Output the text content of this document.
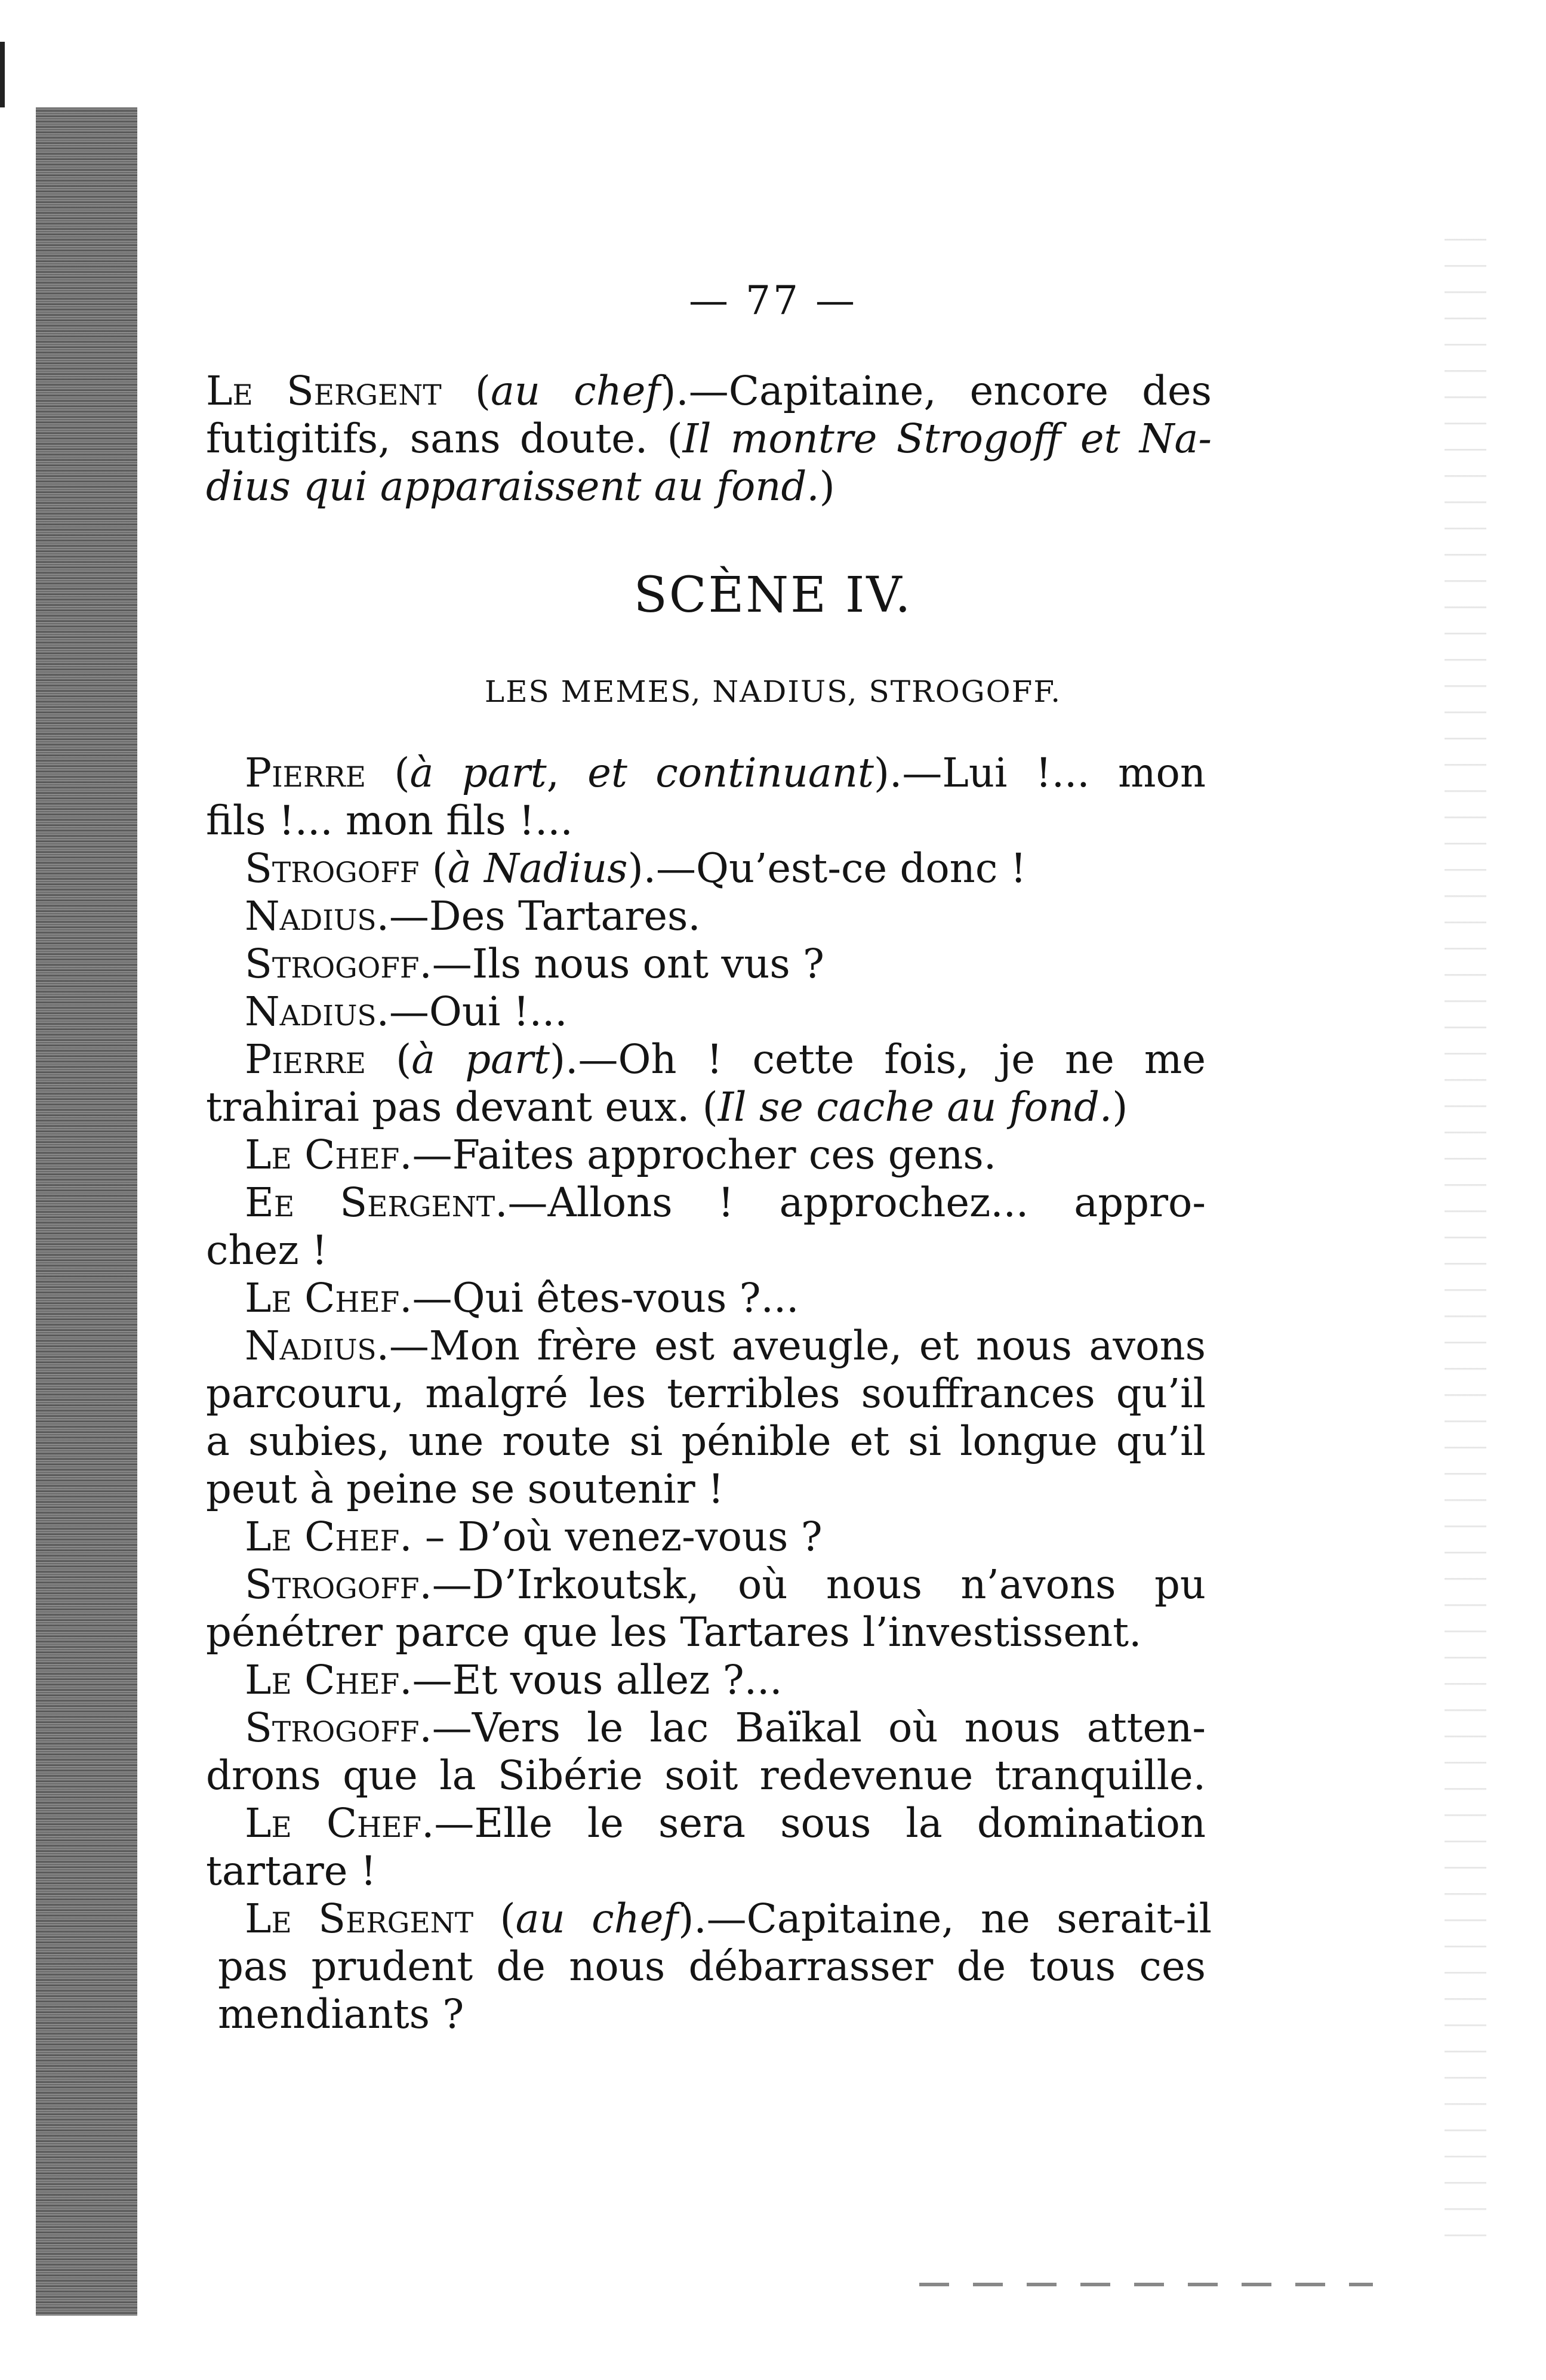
— 77 —
SCÈNE IV.
LES MEMES, NADIUS, STROGOFF.
Le Sergent (au chef).—Capitaine, encore des
futigitifs, sans doute. (Il montre Strogoff et Na-
dius qui apparaissent au fond.)
Pierre (à part, et continuant).—Lui !... mon
fils !... mon fils !...
Strogoff (à Nadius).—Qu’est-ce donc !
Nadius.—Des Tartares.
Strogoff.—Ils nous ont vus ?
Nadius.—Oui !...
Pierre (à part).—Oh ! cette fois, je ne me
trahirai pas devant eux. (Il se cache au fond.)
Le Chef.—Faites approcher ces gens.
Ee Sergent.—Allons ! approchez... appro-
chez !
Le Chef.—Qui êtes-vous ?...
Nadius.—Mon frère est aveugle, et nous avons
parcouru, malgré les terribles souffrances qu’il
a subies, une route si pénible et si longue qu’il
peut à peine se soutenir !
Le Chef. – D’où venez-vous ?
Strogoff.—D’Irkoutsk, où nous n’avons pu
pénétrer parce que les Tartares l’investissent.
Le Chef.—Et vous allez ?...
Strogoff.—Vers le lac Baïkal où nous atten-
drons que la Sibérie soit redevenue tranquille.
Le Chef.—Elle le sera sous la domination
tartare !
Le Sergent (au chef).—Capitaine, ne serait-il
pas prudent de nous débarrasser de tous ces
mendiants ?
